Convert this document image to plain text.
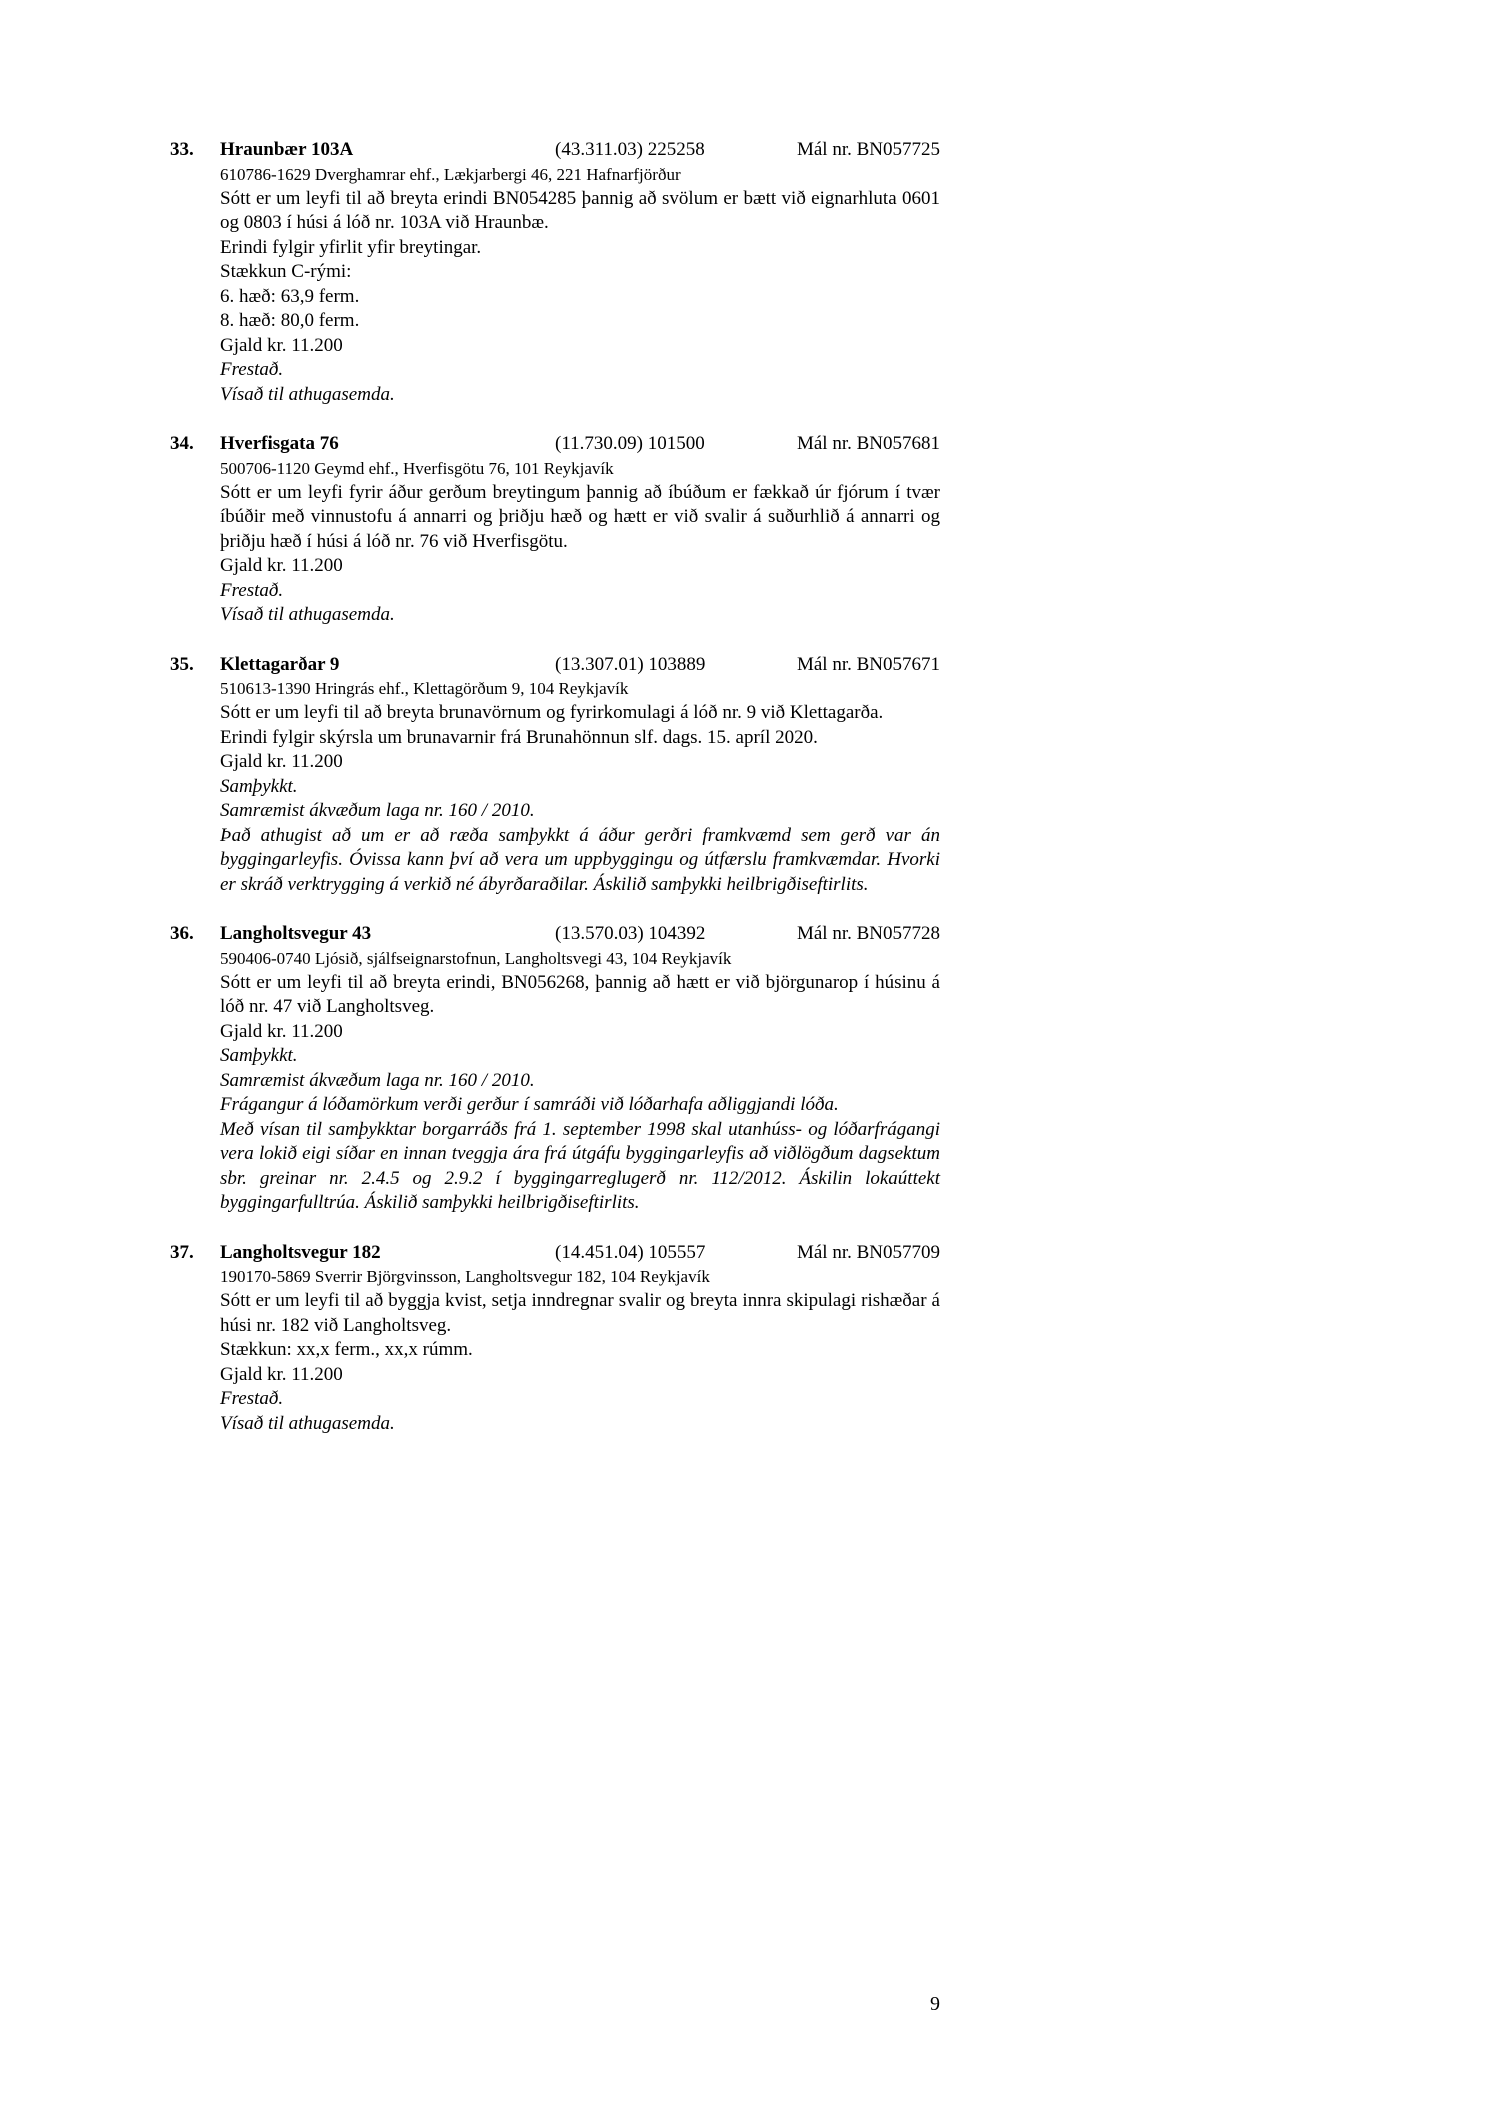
33.	Hraunbær 103A	(43.311.03) 225258	Mál nr. BN057725

610786-1629 Dverghamrar ehf., Lækjarbergi 46, 221 Hafnarfjörður

Sótt er um leyfi til að breyta erindi BN054285 þannig að svölum er bætt við eignarhluta 0601 og 0803 í húsi á lóð nr. 103A við Hraunbæ.

Erindi fylgir yfirlit yfir breytingar.

Stækkun C-rými:

6. hæð: 63,9 ferm.

8. hæð: 80,0 ferm.

Gjald kr. 11.200

Frestað.

Vísað til athugasemda.

34.	Hverfisgata 76	(11.730.09) 101500	Mál nr. BN057681

500706-1120 Geymd ehf., Hverfisgötu 76, 101 Reykjavík

Sótt er um leyfi fyrir áður gerðum breytingum þannig að íbúðum er fækkað úr fjórum í tvær íbúðir með vinnustofu á annarri og þriðju hæð og hætt er við svalir á suðurhlið á annarri og þriðju hæð í húsi á lóð nr. 76 við Hverfisgötu.

Gjald kr. 11.200

Frestað.

Vísað til athugasemda.

35.	Klettagarðar 9	(13.307.01) 103889	Mál nr. BN057671

510613-1390 Hringrás ehf., Klettagörðum 9, 104 Reykjavík

Sótt er um leyfi til að breyta brunavörnum og fyrirkomulagi á lóð nr. 9 við Klettagarða.

Erindi fylgir skýrsla um brunavarnir frá Brunahönnun slf. dags. 15. apríl 2020.

Gjald kr. 11.200

Samþykkt.

Samræmist ákvæðum laga nr. 160 / 2010.

Það athugist að um er að ræða samþykkt á áður gerðri framkvæmd sem gerð var án byggingarleyfis. Óvissa kann því að vera um uppbyggingu og útfærslu framkvæmdar. Hvorki er skráð verktrygging á verkið né ábyrðaraðilar. Áskilið samþykki heilbrigðiseftirlits.

36.	Langholtsvegur 43	(13.570.03) 104392	Mál nr. BN057728

590406-0740 Ljósið, sjálfseignarstofnun, Langholtsvegi 43, 104 Reykjavík

Sótt er um leyfi til að breyta erindi, BN056268, þannig að hætt er við björgunarop í húsinu á lóð nr. 47 við Langholtsveg.

Gjald kr. 11.200

Samþykkt.

Samræmist ákvæðum laga nr. 160 / 2010.

Frágangur á lóðamörkum verði gerður í samráði við lóðarhafa aðliggjandi lóða.

Með vísan til samþykktar borgarráðs frá 1. september 1998 skal utanhúss- og lóðarfrágangi vera lokið eigi síðar en innan tveggja ára frá útgáfu byggingarleyfis að viðlögðum dagsektum sbr. greinar nr. 2.4.5 og 2.9.2 í byggingarreglugerð nr. 112/2012. Áskilin lokaúttekt byggingarfulltrúa. Áskilið samþykki heilbrigðiseftirlits.

37.	Langholtsvegur 182	(14.451.04) 105557	Mál nr. BN057709

190170-5869 Sverrir Björgvinsson, Langholtsvegur 182, 104 Reykjavík

Sótt er um leyfi til að byggja kvist, setja inndregnar svalir og breyta innra skipulagi rishæðar á húsi nr. 182 við Langholtsveg.

Stækkun: xx,x ferm., xx,x rúmm.

Gjald kr. 11.200

Frestað.

Vísað til athugasemda.

9
